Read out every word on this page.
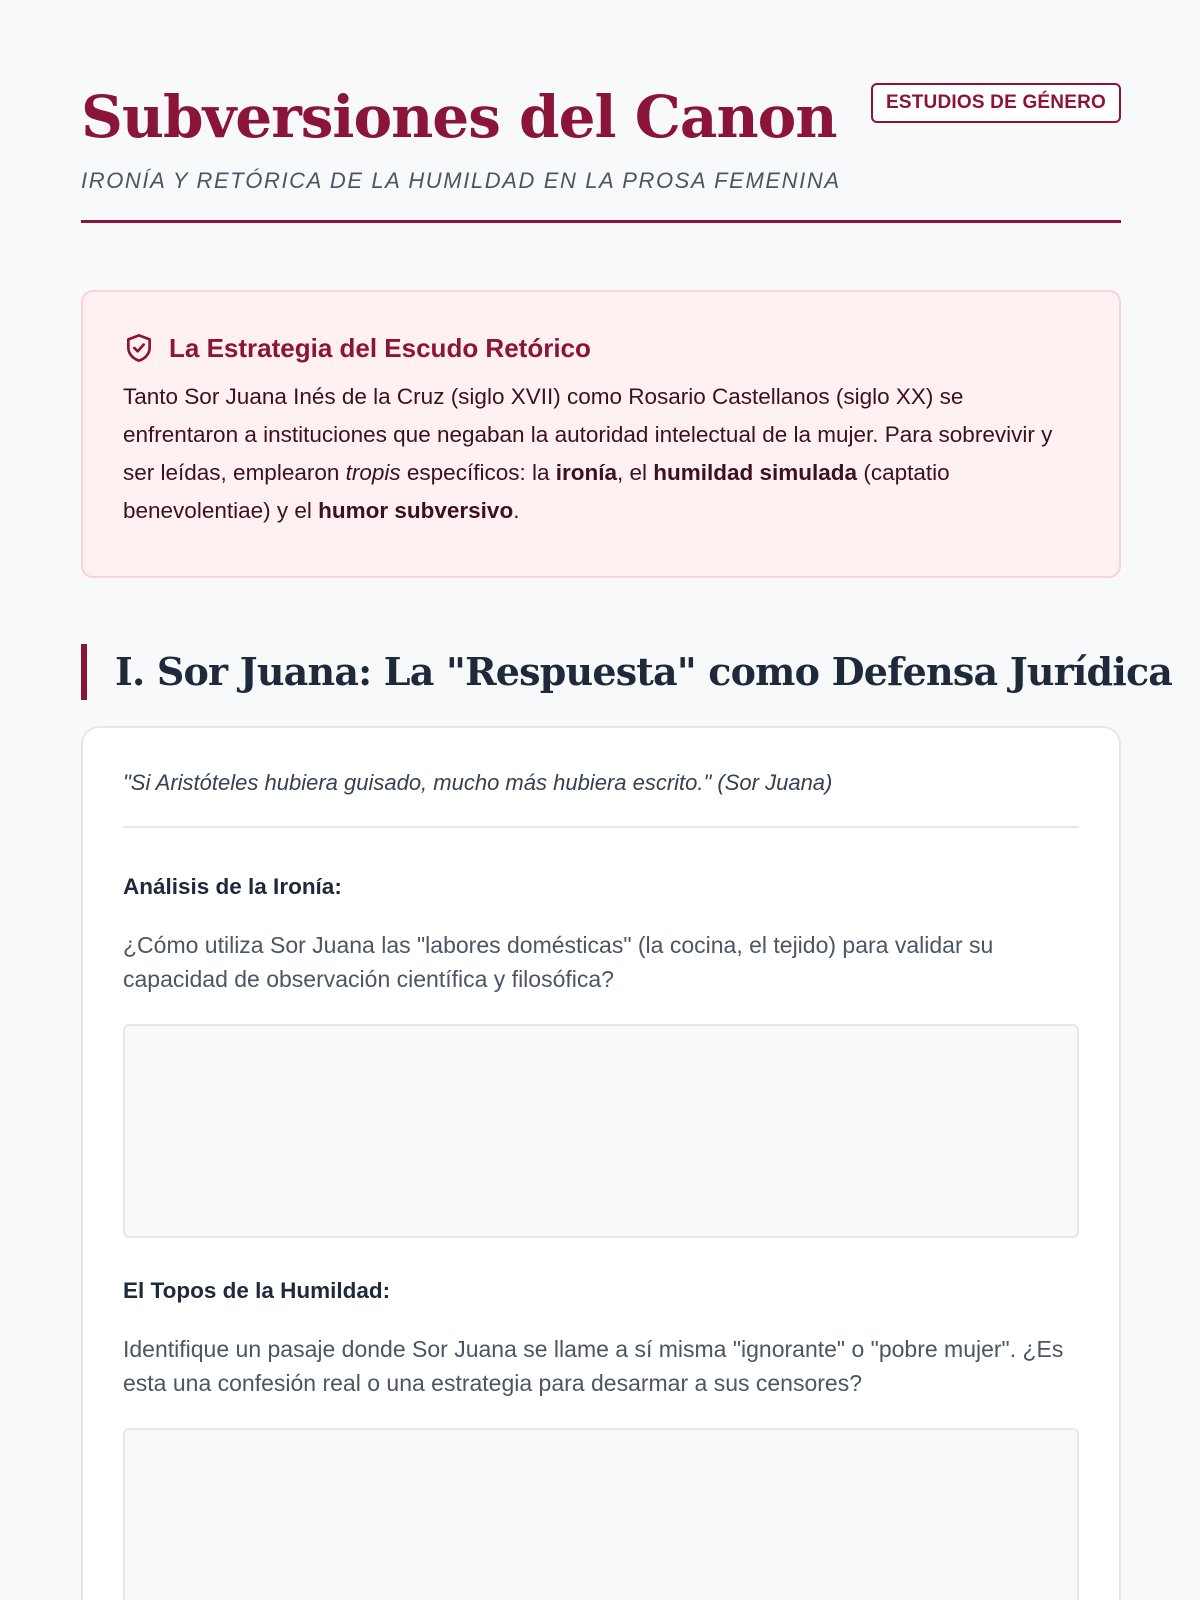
Subversiones del Canon	ESTUDIOS DE GÉNERO
IRONÍA Y RETÓRICA DE LA HUMILDAD EN LA PROSA FEMENINA
La Estrategia del Escudo Retórico

Tanto Sor Juana Inés de la Cruz (siglo XVII) como Rosario Castellanos (siglo XX) se enfrentaron a instituciones que negaban la autoridad intelectual de la mujer. Para sobrevivir y ser leídas, emplearon tropis específicos: la ironía, el humildad simulada (captatio benevolentiae) y el humor subversivo.

I. Sor Juana: La "Respuesta" como Defensa Jurídica

"Si Aristóteles hubiera guisado, mucho más hubiera escrito." (Sor Juana)

Análisis de la Ironía:

¿Cómo utiliza Sor Juana las "labores domésticas" (la cocina, el tejido) para validar su capacidad de observación científica y filosófica?

El Topos de la Humildad:

Identifique un pasaje donde Sor Juana se llame a sí misma "ignorante" o "pobre mujer". ¿Es esta una confesión real o una estrategia para desarmar a sus censores?
